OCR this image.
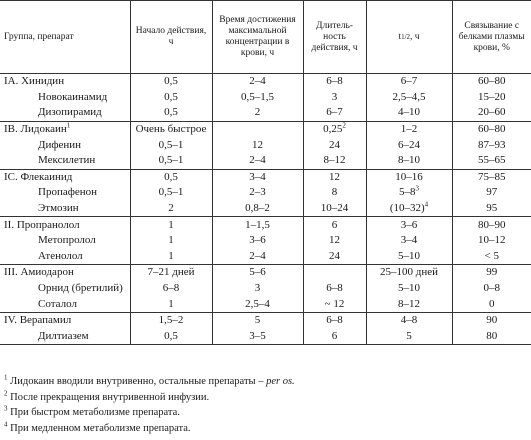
Группа, препарат	Начало действия, ч	Время достижения максимальной концентрации в крови, ч	Длитель-ность действия, ч	t1/2, ч	Связывание с белками плазмы крови, %
IA. Хинидин	0,5	2–4	6–8	6–7	60–80
Новокаинамид	0,5	0,5–1,5	3	2,5–4,5	15–20
Дизопирамид	0,5	2	6–7	4–10	20–60
IB. Лидокаин$^1$	Очень быстрое		0,25$^2$	1–2	60–80
Дифенин	0,5–1	12	24	6–24	87–93
Мексилетин	0,5–1	2–4	8–12	8–10	55–65
IC. Флекаинид	0,5	3–4	12	10–16	75–85
Пропафенон	0,5–1	2–3	8	$5-8^3$	97
Этмозин	2	0,8–2	10–24	$(10-32)^4$	95
II. Пропранолол	1	1–1,5	6	3–6	80–90
Метопролол	1	3–6	12	3–4	10–12
Атенолол	1	2–4	24	5–10	< 5
III. Амиодарон	7–21 дней	5–6		25–100 дней	99
Орнид (бретилий)	6–8	3	6–8	5–10	0–8
Соталол	1	2,5–4	~ 12	8–12	0
IV. Верапамил	1,5–2	5	6–8	4–8	90
Дилтиазем	0,5	3–5	6	5	80
$^1$ Лидокаин вводили внутривенно, остальные препараты – per os.
$^2$ После прекращения внутривенной инфузии.
$^3$ При быстром метаболизме препарата.
$^4$ При медленном метаболизме препарата.
